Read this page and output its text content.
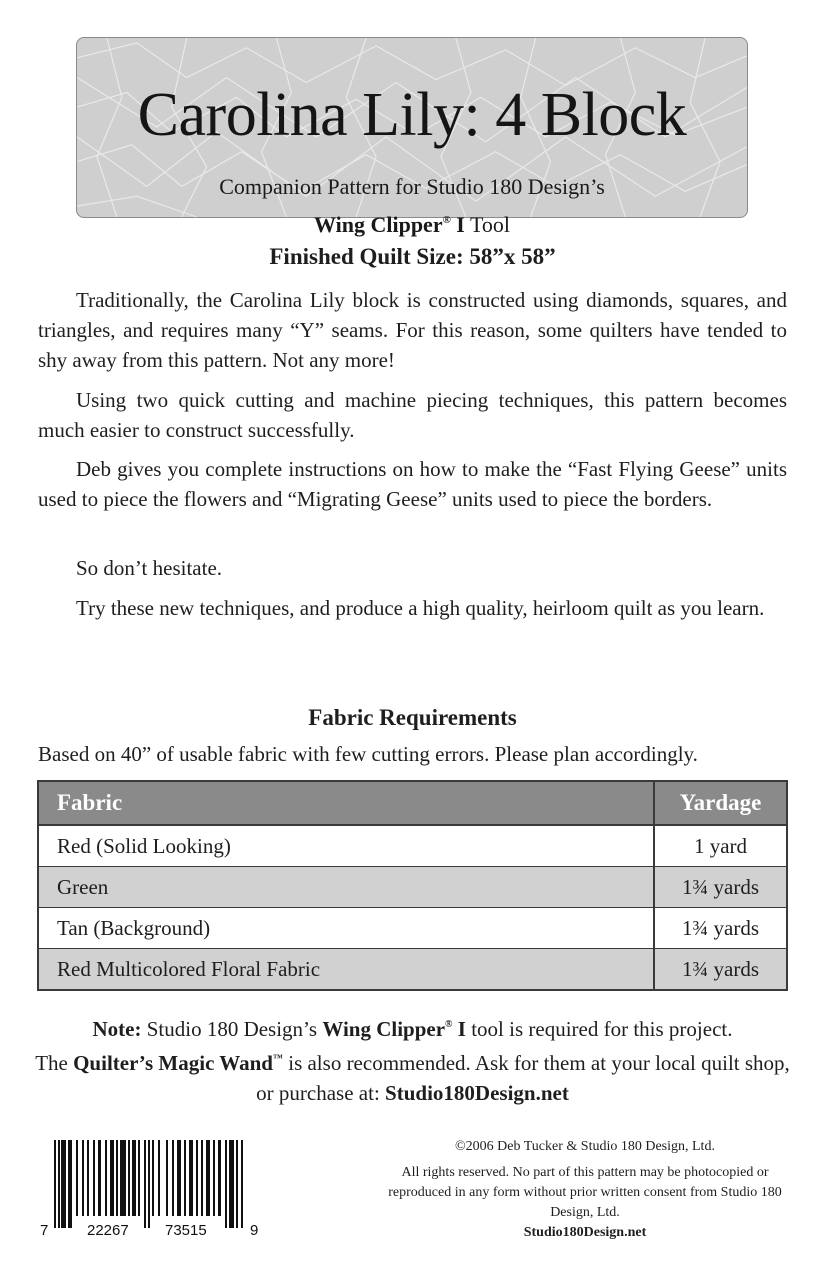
Carolina Lily: 4 Block
Companion Pattern for Studio 180 Design’s
Wing Clipper® I Tool
Finished Quilt Size: 58”x 58”

Traditionally, the Carolina Lily block is constructed using diamonds, squares, and triangles, and requires many “Y” seams. For this reason, some quilters have tended to shy away from this pattern. Not any more!

Using two quick cutting and machine piecing techniques, this pattern becomes much easier to construct successfully.

Deb gives you complete instructions on how to make the “Fast Flying Geese” units used to piece the flowers and “Migrating Geese” units used to piece the borders.

So don’t hesitate.

Try these new techniques, and produce a high quality, heirloom quilt as you learn.

Fabric Requirements
Based on 40” of usable fabric with few cutting errors. Please plan accordingly.
Fabric	Yardage
Red (Solid Looking)	1 yard
Green	1¾ yards
Tan (Background)	1¾ yards
Red Multicolored Floral Fabric	1¾ yards
Note: Studio 180 Design’s Wing Clipper® I tool is required for this project.
The Quilter’s Magic Wand™ is also recommended. Ask for them at your local quilt shop, or purchase at: Studio180Design.net
7	22267 73515	9
©2006 Deb Tucker & Studio 180 Design, Ltd.
All rights reserved. No part of this pattern may be photocopied or reproduced in any form without prior written consent from Studio 180 Design, Ltd.
Studio180Design.net
